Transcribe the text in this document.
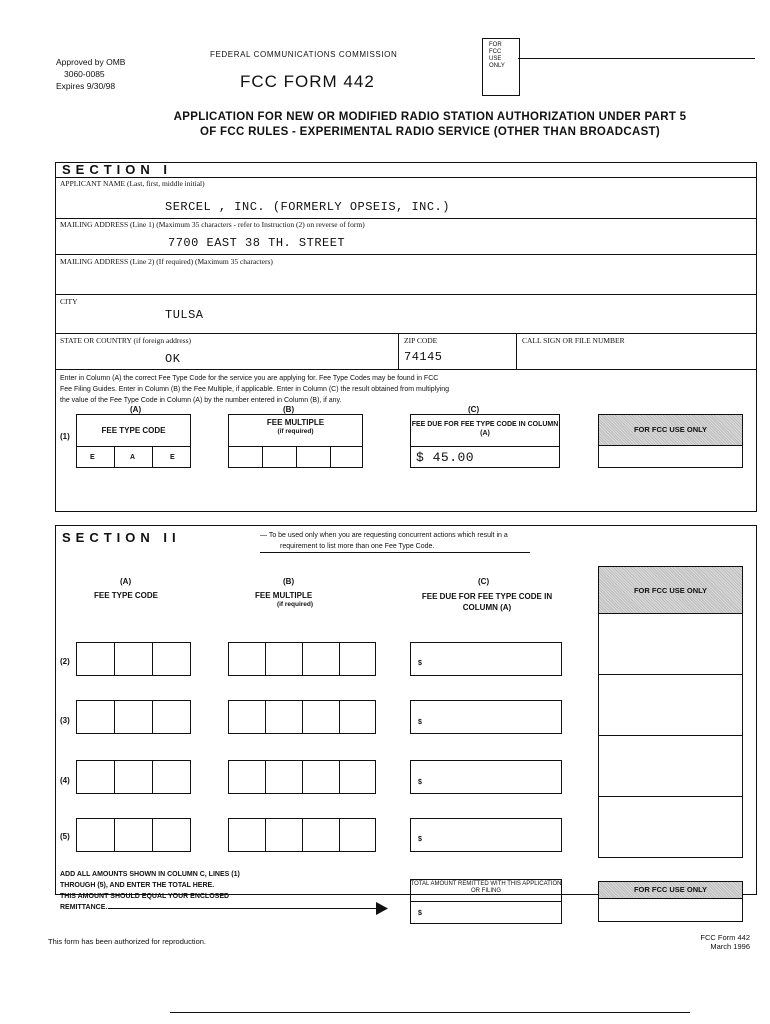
Approved by OMB
3060-0085
Expires 9/30/98
FEDERAL COMMUNICATIONS COMMISSION
FCC FORM 442
FOR
FCC
USE
ONLY
APPLICATION FOR NEW OR MODIFIED RADIO STATION AUTHORIZATION UNDER PART 5
OF FCC RULES - EXPERIMENTAL RADIO SERVICE (OTHER THAN BROADCAST)
SECTION I
APPLICANT NAME (Last, first, middle initial)
SERCEL , INC. (FORMERLY OPSEIS, INC.)
MAILING ADDRESS (Line 1) (Maximum 35 characters - refer to Instruction (2) on reverse of form)
7700 EAST 38 TH. STREET
MAILING ADDRESS (Line 2) (If required) (Maximum 35 characters)
CITY
TULSA
STATE OR COUNTRY (if foreign address)
OK
ZIP CODE
74145
CALL SIGN OR FILE NUMBER
Enter in Column (A) the correct Fee Type Code for the service you are applying for. Fee Type Codes may be found in FCC
Fee Filing Guides. Enter in Column (B) the Fee Multiple, if applicable. Enter in Column (C) the result obtained from multiplying
the value of the Fee Type Code in Column (A) by the number entered in Column (B), if any.
(A)	(B)	(C)
(1)
FEE TYPE CODE
E	A	E
FEE MULTIPLE
(if required)
FEE DUE FOR FEE TYPE CODE IN COLUMN (A)
$ 45.00
FOR FCC USE ONLY
SECTION II	— To be used only when you are requesting concurrent actions which result in a
requirement to list more than one Fee Type Code.
(A)
FEE TYPE CODE
(B)
FEE MULTIPLE
(if required)
(C)
FEE DUE FOR FEE TYPE CODE IN COLUMN (A)
FOR FCC USE ONLY
(2)	$
(3)	$
(4)	$
(5)	$
ADD ALL AMOUNTS SHOWN IN COLUMN C, LINES (1)
THROUGH (5), AND ENTER THE TOTAL HERE.
THIS AMOUNT SHOULD EQUAL YOUR ENCLOSED
REMITTANCE.
TOTAL AMOUNT REMITTED WITH THIS APPLICATION OR FILING
$
FOR FCC USE ONLY
This form has been authorized for reproduction.	FCC Form 442
March 1996
